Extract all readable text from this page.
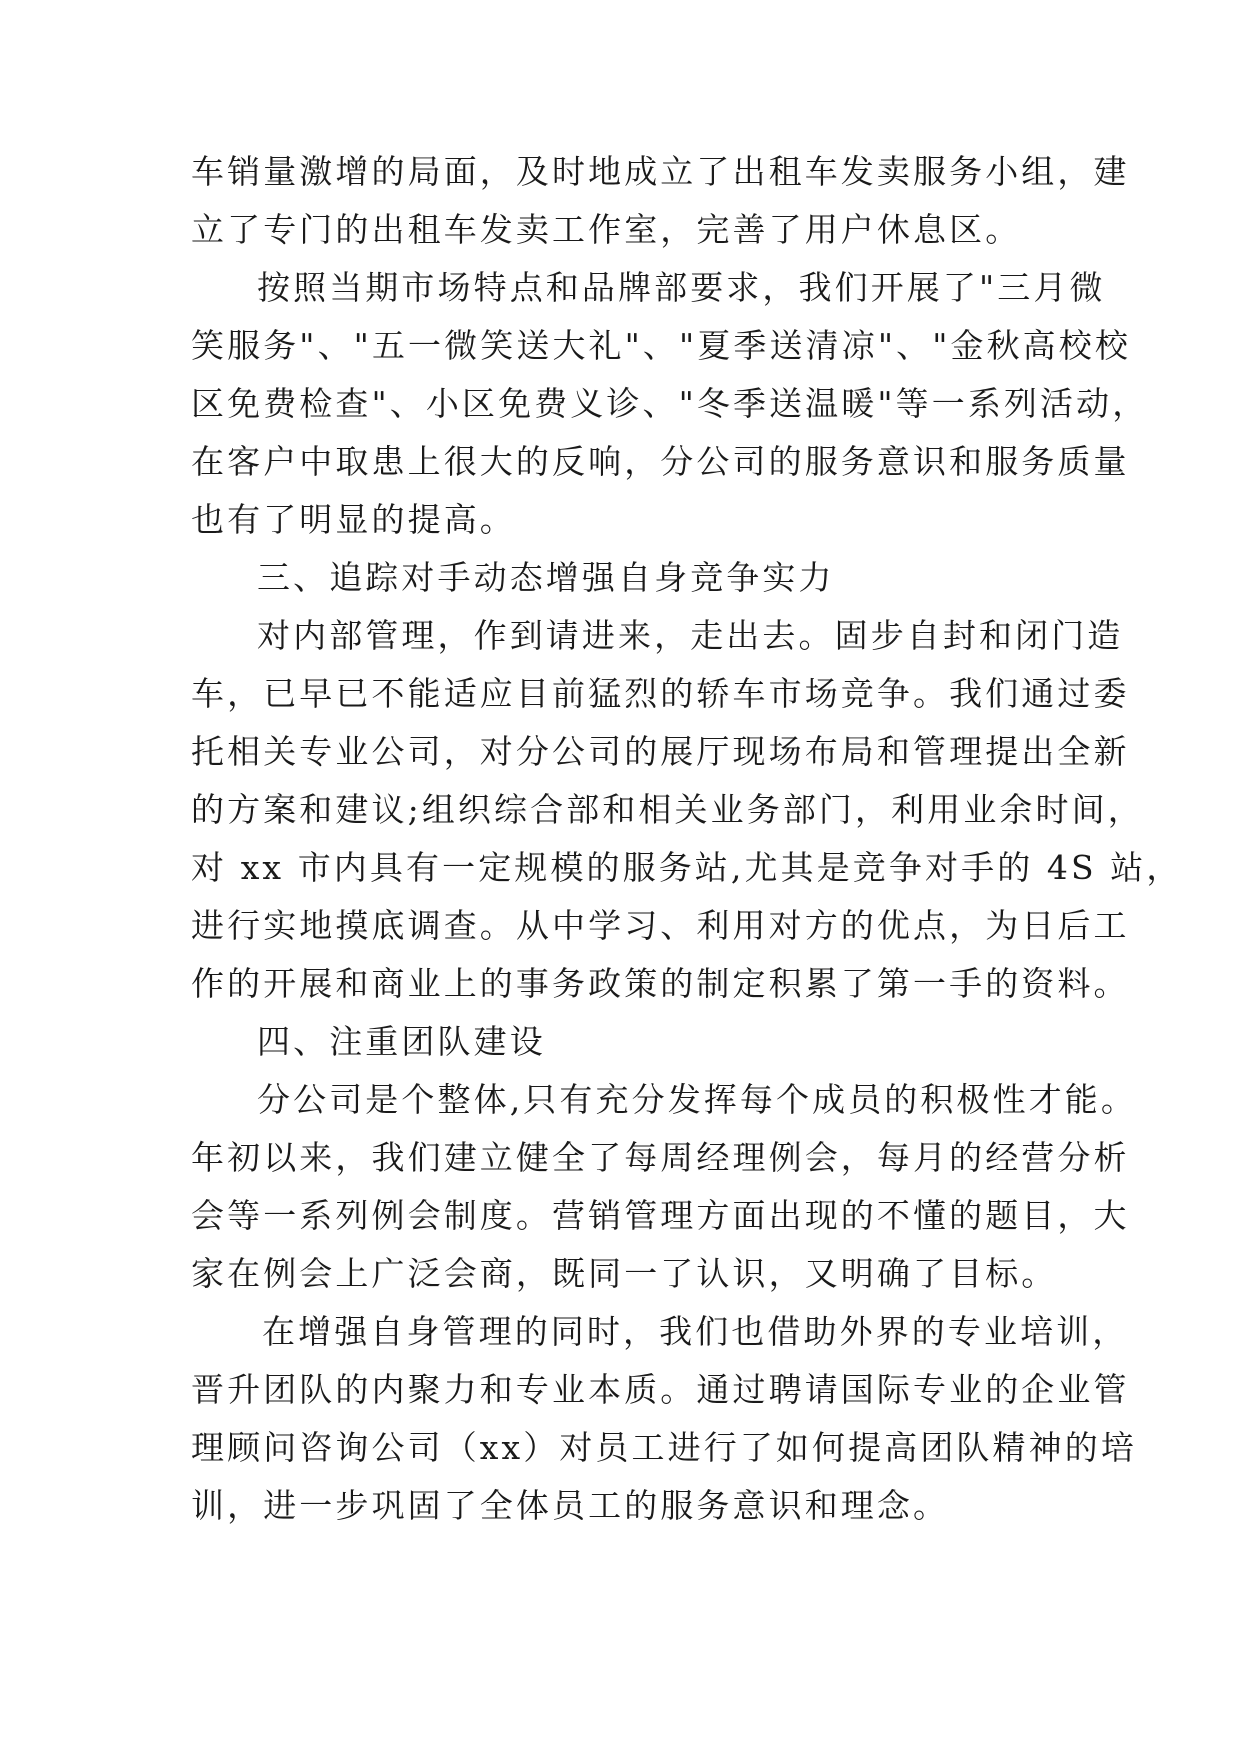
车销量激增的局面，及时地成立了出租车发卖服务小组，建
立了专门的出租车发卖工作室，完善了用户休息区。
按照当期市场特点和品牌部要求，我们开展了"三月微
笑服务"、"五一微笑送大礼"、"夏季送清凉"、"金秋高校校
区免费检查"、小区免费义诊、"冬季送温暖"等一系列活动，
在客户中取患上很大的反响，分公司的服务意识和服务质量
也有了明显的提高。
三、追踪对手动态增强自身竞争实力
对内部管理，作到请进来，走出去。固步自封和闭门造
车，已早已不能适应目前猛烈的轿车市场竞争。我们通过委
托相关专业公司，对分公司的展厅现场布局和管理提出全新
的方案和建议;组织综合部和相关业务部门，利用业余时间，
对 xx 市内具有一定规模的服务站,尤其是竞争对手的 4S 站，
进行实地摸底调查。从中学习、利用对方的优点，为日后工
作的开展和商业上的事务政策的制定积累了第一手的资料。
四、注重团队建设
分公司是个整体,只有充分发挥每个成员的积极性才能。
年初以来，我们建立健全了每周经理例会，每月的经营分析
会等一系列例会制度。营销管理方面出现的不懂的题目，大
家在例会上广泛会商，既同一了认识，又明确了目标。
在增强自身管理的同时，我们也借助外界的专业培训，
晋升团队的内聚力和专业本质。通过聘请国际专业的企业管
理顾问咨询公司（xx）对员工进行了如何提高团队精神的培
训，进一步巩固了全体员工的服务意识和理念。
